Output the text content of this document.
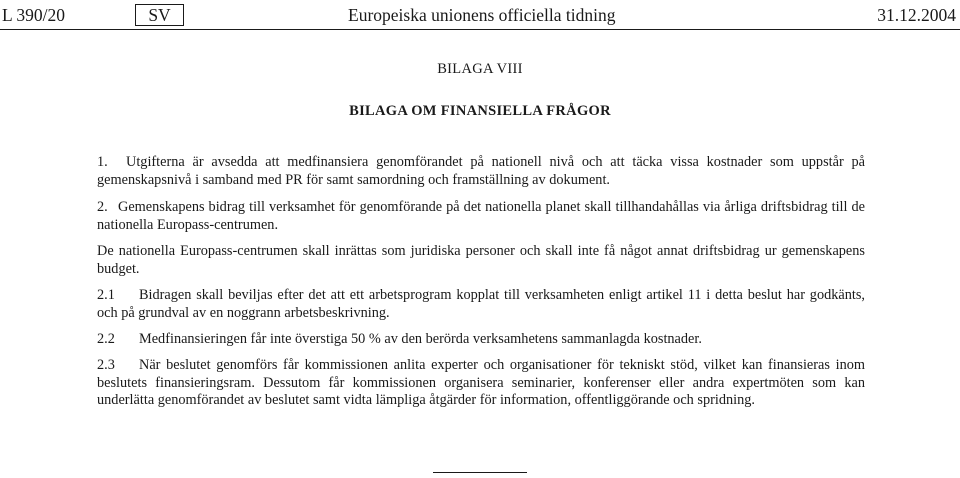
L 390/20	SV	Europeiska unionens officiella tidning	31.12.2004
BILAGA VIII
BILAGA OM FINANSIELLA FRÅGOR
1. Utgifterna är avsedda att medfinansiera genomförandet på nationell nivå och att täcka vissa kostnader som uppstår på gemenskapsnivå i samband med PR för samt samordning och framställning av dokument.
2. Gemenskapens bidrag till verksamhet för genomförande på det nationella planet skall tillhandahållas via årliga driftsbidrag till de nationella Europass-centrumen.
De nationella Europass-centrumen skall inrättas som juridiska personer och skall inte få något annat driftsbidrag ur gemenskapens budget.
2.1 Bidragen skall beviljas efter det att ett arbetsprogram kopplat till verksamheten enligt artikel 11 i detta beslut har godkänts, och på grundval av en noggrann arbetsbeskrivning.
2.2 Medfinansieringen får inte överstiga 50 % av den berörda verksamhetens sammanlagda kostnader.
2.3 När beslutet genomförs får kommissionen anlita experter och organisationer för tekniskt stöd, vilket kan finansieras inom beslutets finansieringsram. Dessutom får kommissionen organisera seminarier, konferenser eller andra expertmöten som kan underlätta genomförandet av beslutet samt vidta lämpliga åtgärder för information, offentliggörande och spridning.
